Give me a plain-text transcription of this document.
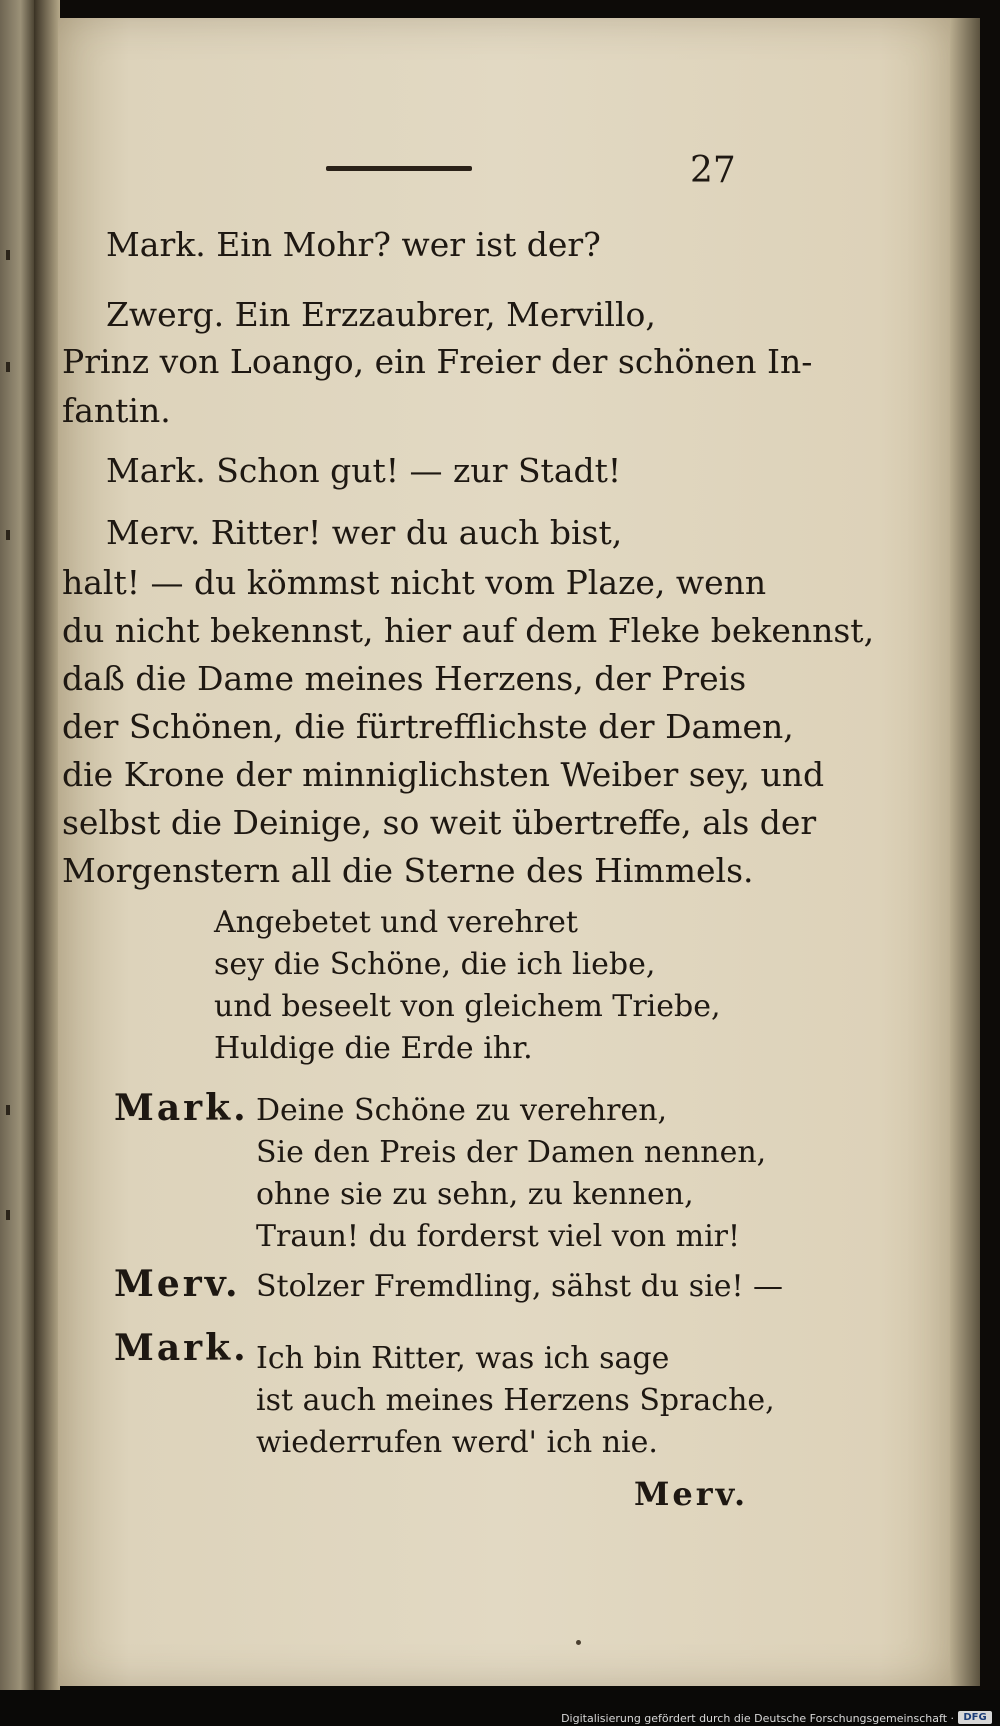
27
Mark. Ein Mohr? wer ist der?
Zwerg. Ein Erzzaubrer, Mervillo,
Prinz von Loango, ein Freier der schönen In-
fantin.
Mark. Schon gut! — zur Stadt!
Merv. Ritter! wer du auch bist,
halt! — du kömmst nicht vom Plaze, wenn
du nicht bekennst, hier auf dem Fleke bekennst,
daß die Dame meines Herzens, der Preis
der Schönen, die fürtrefflichste der Damen,
die Krone der minniglichsten Weiber sey, und
selbst die Deinige, so weit übertreffe, als der
Morgenstern all die Sterne des Himmels.
Angebetet und verehret
sey die Schöne, die ich liebe,
und beseelt von gleichem Triebe,
Huldige die Erde ihr.
Mark. Deine Schöne zu verehren,
Sie den Preis der Damen nennen,
ohne sie zu sehn, zu kennen,
Traun! du forderst viel von mir!
Merv. Stolzer Fremdling, sähst du sie! —
Mark. Ich bin Ritter, was ich sage
ist auch meines Herzens Sprache,
wiederrufen werd' ich nie.
Merv.
Digitalisierung gefördert durch die Deutsche Forschungsgemeinschaft · DFG
